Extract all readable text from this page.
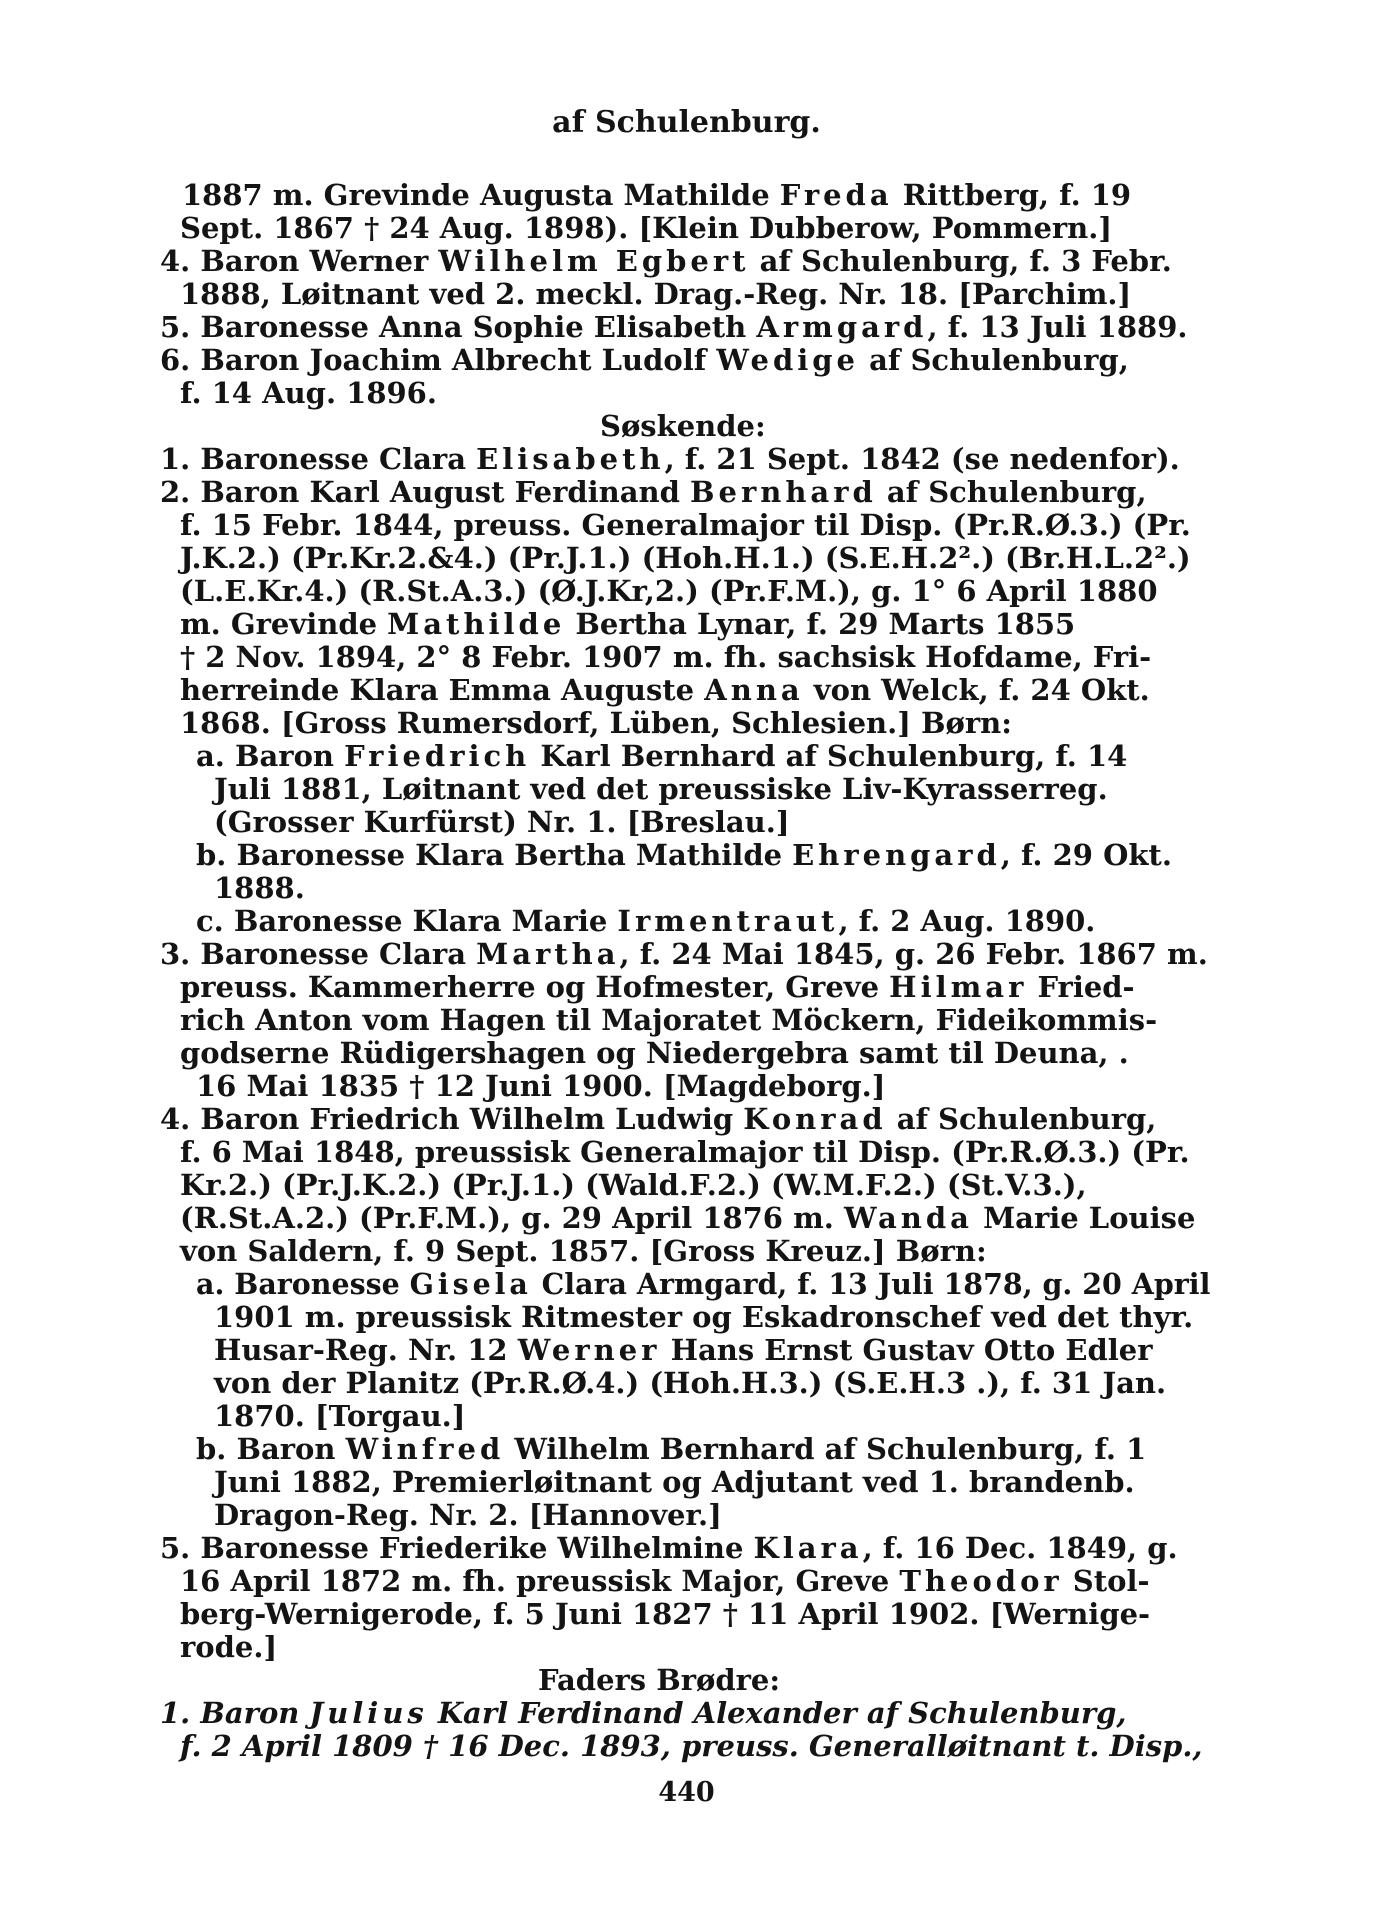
af Schulenburg.
1887 m. Grevinde Augusta Mathilde Freda Rittberg, f. 19
Sept. 1867 † 24 Aug. 1898). [Klein Dubberow, Pommern.]
4. Baron Werner Wilhelm Egbert af Schulenburg, f. 3 Febr.
1888, Løitnant ved 2. meckl. Drag.-Reg. Nr. 18. [Parchim.]
5. Baronesse Anna Sophie Elisabeth Armgard, f. 13 Juli 1889.
6. Baron Joachim Albrecht Ludolf Wedige af Schulenburg,
f. 14 Aug. 1896.
Søskende:
1. Baronesse Clara Elisabeth, f. 21 Sept. 1842 (se nedenfor).
2. Baron Karl August Ferdinand Bernhard af Schulenburg,
f. 15 Febr. 1844, preuss. Generalmajor til Disp. (Pr.R.Ø.3.) (Pr.
J.K.2.) (Pr.Kr.2.&4.) (Pr.J.1.) (Hoh.H.1.) (S.E.H.2².) (Br.H.L.2².)
(L.E.Kr.4.) (R.St.A.3.) (Ø.J.Kr,2.) (Pr.F.M.), g. 1° 6 April 1880
m. Grevinde Mathilde Bertha Lynar, f. 29 Marts 1855
† 2 Nov. 1894, 2° 8 Febr. 1907 m. fh. sachsisk Hofdame, Fri-
herreinde Klara Emma Auguste Anna von Welck, f. 24 Okt.
1868. [Gross Rumersdorf, Lüben, Schlesien.] Børn:
a. Baron Friedrich Karl Bernhard af Schulenburg, f. 14
Juli 1881, Løitnant ved det preussiske Liv-Kyrasserreg.
(Grosser Kurfürst) Nr. 1. [Breslau.]
b. Baronesse Klara Bertha Mathilde Ehrengard, f. 29 Okt.
1888.
c. Baronesse Klara Marie Irmentraut, f. 2 Aug. 1890.
3. Baronesse Clara Martha, f. 24 Mai 1845, g. 26 Febr. 1867 m.
preuss. Kammerherre og Hofmester, Greve Hilmar Fried-
rich Anton vom Hagen til Majoratet Möckern, Fideikommis-
godserne Rüdigershagen og Niedergebra samt til Deuna, .
16 Mai 1835 † 12 Juni 1900. [Magdeborg.]
4. Baron Friedrich Wilhelm Ludwig Konrad af Schulenburg,
f. 6 Mai 1848, preussisk Generalmajor til Disp. (Pr.R.Ø.3.) (Pr.
Kr.2.) (Pr.J.K.2.) (Pr.J.1.) (Wald.F.2.) (W.M.F.2.) (St.V.3.),
(R.St.A.2.) (Pr.F.M.), g. 29 April 1876 m. Wanda Marie Louise
von Saldern, f. 9 Sept. 1857. [Gross Kreuz.] Børn:
a. Baronesse Gisela Clara Armgard, f. 13 Juli 1878, g. 20 April
1901 m. preussisk Ritmester og Eskadronschef ved det thyr.
Husar-Reg. Nr. 12 Werner Hans Ernst Gustav Otto Edler
von der Planitz (Pr.R.Ø.4.) (Hoh.H.3.) (S.E.H.3 .), f. 31 Jan.
1870. [Torgau.]
b. Baron Winfred Wilhelm Bernhard af Schulenburg, f. 1
Juni 1882, Premierløitnant og Adjutant ved 1. brandenb.
Dragon-Reg. Nr. 2. [Hannover.]
5. Baronesse Friederike Wilhelmine Klara, f. 16 Dec. 1849, g.
16 April 1872 m. fh. preussisk Major, Greve Theodor Stol-
berg-Wernigerode, f. 5 Juni 1827 † 11 April 1902. [Wernige-
rode.]
Faders Brødre:
1. Baron Julius Karl Ferdinand Alexander af Schulenburg,
f. 2 April 1809 † 16 Dec. 1893, preuss. Generalløitnant t. Disp.,
440
